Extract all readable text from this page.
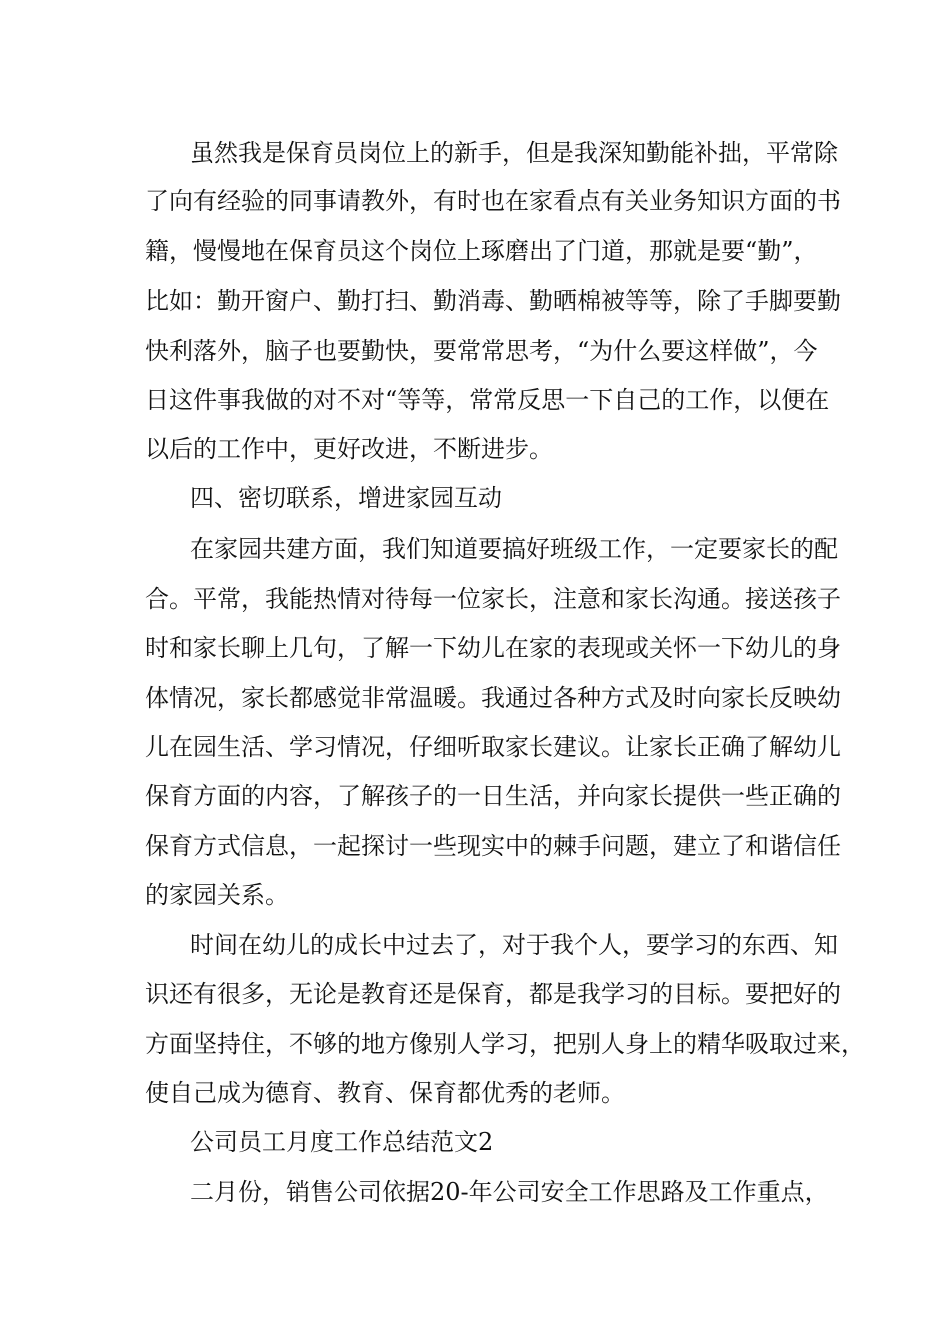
虽然我是保育员岗位上的新手，但是我深知勤能补拙，平常除
了向有经验的同事请教外，有时也在家看点有关业务知识方面的书
籍，慢慢地在保育员这个岗位上琢磨出了门道，那就是要“勤”，
比如：勤开窗户、勤打扫、勤消毒、勤晒棉被等等，除了手脚要勤
快利落外，脑子也要勤快，要常常思考，“为什么要这样做”，今
日这件事我做的对不对“等等，常常反思一下自己的工作，以便在
以后的工作中，更好改进，不断进步。
四、密切联系，增进家园互动
在家园共建方面，我们知道要搞好班级工作，一定要家长的配
合。平常，我能热情对待每一位家长，注意和家长沟通。接送孩子
时和家长聊上几句，了解一下幼儿在家的表现或关怀一下幼儿的身
体情况，家长都感觉非常温暖。我通过各种方式及时向家长反映幼
儿在园生活、学习情况，仔细听取家长建议。让家长正确了解幼儿
保育方面的内容，了解孩子的一日生活，并向家长提供一些正确的
保育方式信息，一起探讨一些现实中的棘手问题，建立了和谐信任
的家园关系。
时间在幼儿的成长中过去了，对于我个人，要学习的东西、知
识还有很多，无论是教育还是保育，都是我学习的目标。要把好的
方面坚持住，不够的地方像别人学习，把别人身上的精华吸取过来，
使自己成为德育、教育、保育都优秀的老师。
公司员工月度工作总结范文2
二月份，销售公司依据20-年公司安全工作思路及工作重点，
